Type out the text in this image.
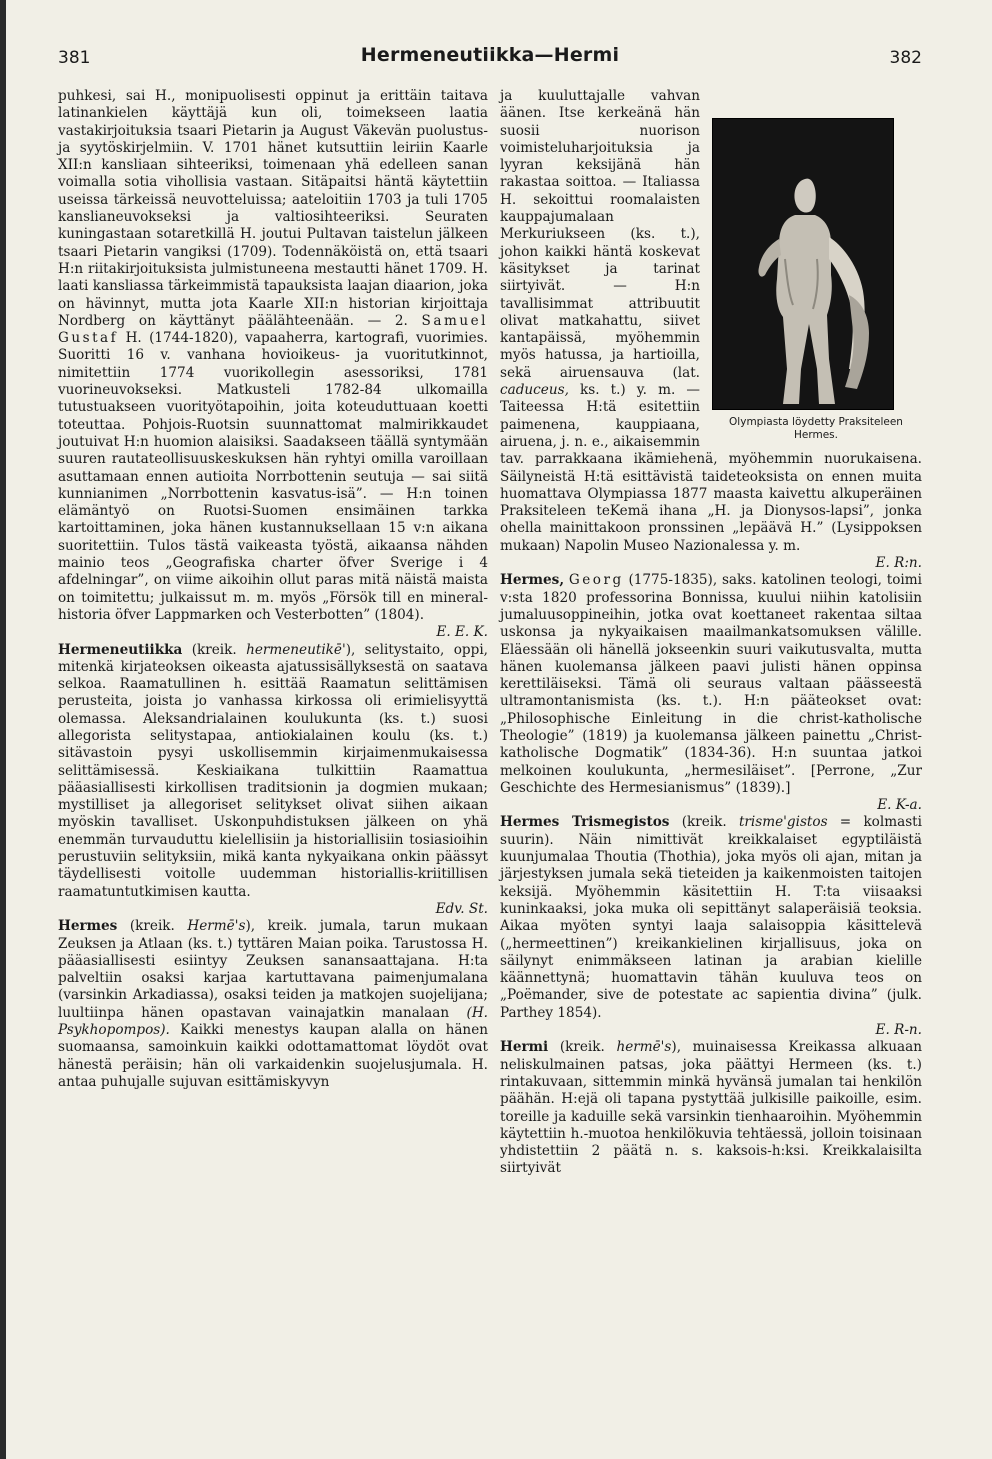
381	Hermeneutiikka—Hermi	382

puhkesi, sai H., monipuolisesti oppinut ja erittäin taitava latinankielen käyttäjä kun oli, toimekseen laatia vastakirjoituksia tsaari Pietarin ja August Väkevän puolustus- ja syytöskirjelmiin. V. 1701 hänet kutsuttiin leiriin Kaarle XII:n kansliaan sihteeriksi, toimenaan yhä edelleen sanan voimalla sotia vihollisia vastaan. Sitäpaitsi häntä käytettiin useissa tärkeissä neuvotteluissa; aateloitiin 1703 ja tuli 1705 kanslianeuvokseksi ja valtiosihteeriksi. Seuraten kuningastaan sotaretkillä H. joutui Pultavan taistelun jälkeen tsaari Pietarin vangiksi (1709). Todennäköistä on, että tsaari H:n riitakirjoituksista julmistuneena mestautti hänet 1709. H. laati kansliassa tärkeimmistä tapauksista laajan diaarion, joka on hävinnyt, mutta jota Kaarle XII:n historian kirjoittaja Nordberg on käyttänyt päälähteenään. — 2. Samuel Gustaf H. (1744-1820), vapaaherra, kartografi, vuorimies. Suoritti 16 v. vanhana hovioikeus- ja vuoritutkinnot, nimitettiin 1774 vuorikollegin asessoriksi, 1781 vuorineuvokseksi. Matkusteli 1782-84 ulkomailla tutustuakseen vuorityötapoihin, joita koteuduttuaan koetti toteuttaa. Pohjois-Ruotsin suunnattomat malmirikkaudet joutuivat H:n huomion alaisiksi. Saadakseen täällä syntymään suuren rautateollisuuskeskuksen hän ryhtyi omilla varoillaan asuttamaan ennen autioita Norrbottenin seutuja — sai siitä kunnianimen „Norrbottenin kasvatus-isä”. — H:n toinen elämäntyö on Ruotsi-Suomen ensimäinen tarkka kartoittaminen, joka hänen kustannuksellaan 15 v:n aikana suoritettiin. Tulos tästä vaikeasta työstä, aikaansa nähden mainio teos „Geografiska charter öfver Sverige i 4 afdelningar”, on viime aikoihin ollut paras mitä näistä maista on toimitettu; julkaissut m. m. myös „Försök till en mineral-historia öfver Lappmarken och Vesterbotten” (1804).
E. E. K.

Hermeneutiikka (kreik. hermeneutikē'), selitystaito, oppi, mitenkä kirjateoksen oikeasta ajatussisällyksestä on saatava selkoa. Raamatullinen h. esittää Raamatun selittämisen perusteita, joista jo vanhassa kirkossa oli erimielisyyttä olemassa. Aleksandrialainen koulukunta (ks. t.) suosi allegorista selitystapaa, antiokialainen koulu (ks. t.) sitävastoin pysyi uskollisemmin kirjaimenmukaisessa selittämisessä. Keskiaikana tulkittiin Raamattua pääasiallisesti kirkollisen traditsionin ja dogmien mukaan; mystilliset ja allegoriset selitykset olivat siihen aikaan myöskin tavalliset. Uskonpuhdistuksen jälkeen on yhä enemmän turvauduttu kielellisiin ja historiallisiin tosiasioihin perustuviin selityksiin, mikä kanta nykyaikana onkin päässyt täydellisesti voitolle uudemman historiallis-kriitillisen raamatuntutkimisen kautta.
Edv. St.

Hermes (kreik. Hermē's), kreik. jumala, tarun mukaan Zeuksen ja Atlaan (ks. t.) tyttären Maian poika. Tarustossa H. pääasiallisesti esiintyy Zeuksen sanansaattajana. H:ta palveltiin osaksi karjaa kartuttavana paimenjumalana (varsinkin Arkadiassa), osaksi teiden ja matkojen suojelijana; luultiinpa hänen opastavan vainajatkin manalaan (H. Psykhopompos). Kaikki menestys kaupan alalla on hänen suomaansa, samoinkuin kaikki odottamattomat löydöt ovat hänestä peräisin; hän oli varkaidenkin suojelusjumala. H. antaa puhujalle sujuvan esittämiskyvyn

Olympiasta löydetty Praksiteleen Hermes.

ja kuuluttajalle vahvan äänen. Itse kerkeänä hän suosii nuorison voimisteluharjoituksia ja lyyran keksijänä hän rakastaa soittoa. — Italiassa H. sekoittui roomalaisten kauppajumalaan Merkuriukseen (ks. t.), johon kaikki häntä koskevat käsitykset ja tarinat siirtyivät. — H:n tavallisimmat attribuutit olivat matkahattu, siivet kantapäissä, myöhemmin myös hatussa, ja hartioilla, sekä airuensauva (lat. caduceus, ks. t.) y. m. — Taiteessa H:tä esitettiin paimenena, kauppiaana, airuena, j. n. e., aikaisemmin tav. parrakkaana ikämiehenä, myöhemmin nuorukaisena. Säilyneistä H:tä esittävistä taideteoksista on ennen muita huomattava Olympiassa 1877 maasta kaivettu alkuperäinen Praksiteleen teKemä ihana „H. ja Dionysos-lapsi”, jonka ohella mainittakoon pronssinen „lepäävä H.” (Lysippoksen mukaan) Napolin Museo Nazionalessa y. m.
E. R:n.

Hermes, Georg (1775-1835), saks. katolinen teologi, toimi v:sta 1820 professorina Bonnissa, kuului niihin katolisiin jumaluusoppineihin, jotka ovat koettaneet rakentaa siltaa uskonsa ja nykyaikaisen maailmankatsomuksen välille. Eläessään oli hänellä jokseenkin suuri vaikutusvalta, mutta hänen kuolemansa jälkeen paavi julisti hänen oppinsa kerettiläiseksi. Tämä oli seuraus valtaan päässeestä ultramontanismista (ks. t.). H:n pääteokset ovat: „Philosophische Einleitung in die christ-katholische Theologie” (1819) ja kuolemansa jälkeen painettu „Christ-katholische Dogmatik” (1834-36). H:n suuntaa jatkoi melkoinen koulukunta, „hermesiläiset”. [Perrone, „Zur Geschichte des Hermesianismus” (1839).]
E. K-a.

Hermes Trismegistos (kreik. trisme'gistos = kolmasti suurin). Näin nimittivät kreikkalaiset egyptiläistä kuunjumalaa Thoutia (Thothia), joka myös oli ajan, mitan ja järjestyksen jumala sekä tieteiden ja kaikenmoisten taitojen keksijä. Myöhemmin käsitettiin H. T:ta viisaaksi kuninkaaksi, joka muka oli sepittänyt salaperäisiä teoksia. Aikaa myöten syntyi laaja salaisoppia käsittelevä („hermeettinen”) kreikankielinen kirjallisuus, joka on säilynyt enimmäkseen latinan ja arabian kielille käännettynä; huomattavin tähän kuuluva teos on „Poëmander, sive de potestate ac sapientia divina” (julk. Parthey 1854).
E. R-n.

Hermi (kreik. hermē's), muinaisessa Kreikassa alkuaan neliskulmainen patsas, joka päättyi Hermeen (ks. t.) rintakuvaan, sittemmin minkä hyvänsä jumalan tai henkilön päähän. H:ejä oli tapana pystyttää julkisille paikoille, esim. toreille ja kaduille sekä varsinkin tienhaaroihin. Myöhemmin käytettiin h.-muotoa henkilökuvia tehtäessä, jolloin toisinaan yhdistettiin 2 päätä n. s. kaksois-h:ksi. Kreikkalaisilta siirtyivät
